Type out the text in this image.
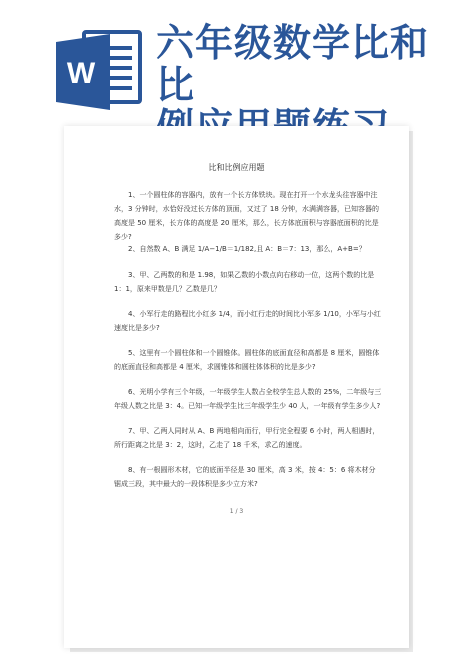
W
六年级数学比和比

比和比例应用题
1、一个圆柱体的容器内，放有一个长方体铁块。现在打开一个水龙头往容器中注水，3 分钟时，水恰好没过长方体的顶面，又过了 18 分钟，水满满容器，已知容器的高度是 50 厘米，长方体的高度是 20 厘米，那么，长方体底面积与容器底面积的比是多少?
2、自然数 A、B 满足 1/A−1/B＝1/182,且 A：B＝7：13，那么，A+B=？
3、甲、乙两数的和是 1.98，如果乙数的小数点向右移动一位，这两个数的比是 1：1，原来甲数是几？乙数是几？
4、小军行走的路程比小红多 1/4，而小红行走的时间比小军多 1/10，小军与小红速度比是多少?
5、这里有一个圆柱体和一个圆锥体。圆柱体的底面直径和高都是 8 厘米，圆锥体的底面直径和高都是 4 厘米，求圆锥体和圆柱体体积的比是多少?
6、光明小学有三个年级，一年级学生人数占全校学生总人数的 25%，二年级与三年级人数之比是 3：4。已知一年级学生比三年级学生少 40 人，一年级有学生多少人?
7、甲、乙两人同时从 A、B 两地相向而行，甲行完全程要 6 小时，两人相遇时，所行距离之比是 3：2，这时，乙走了 18 千米，求乙的速度。
8、有一根圆形木材，它的底面半径是 30 厘米，高 3 米，按 4：5：6 将木材分锯成三段，其中最大的一段体积是多少立方米?
1 / 3
